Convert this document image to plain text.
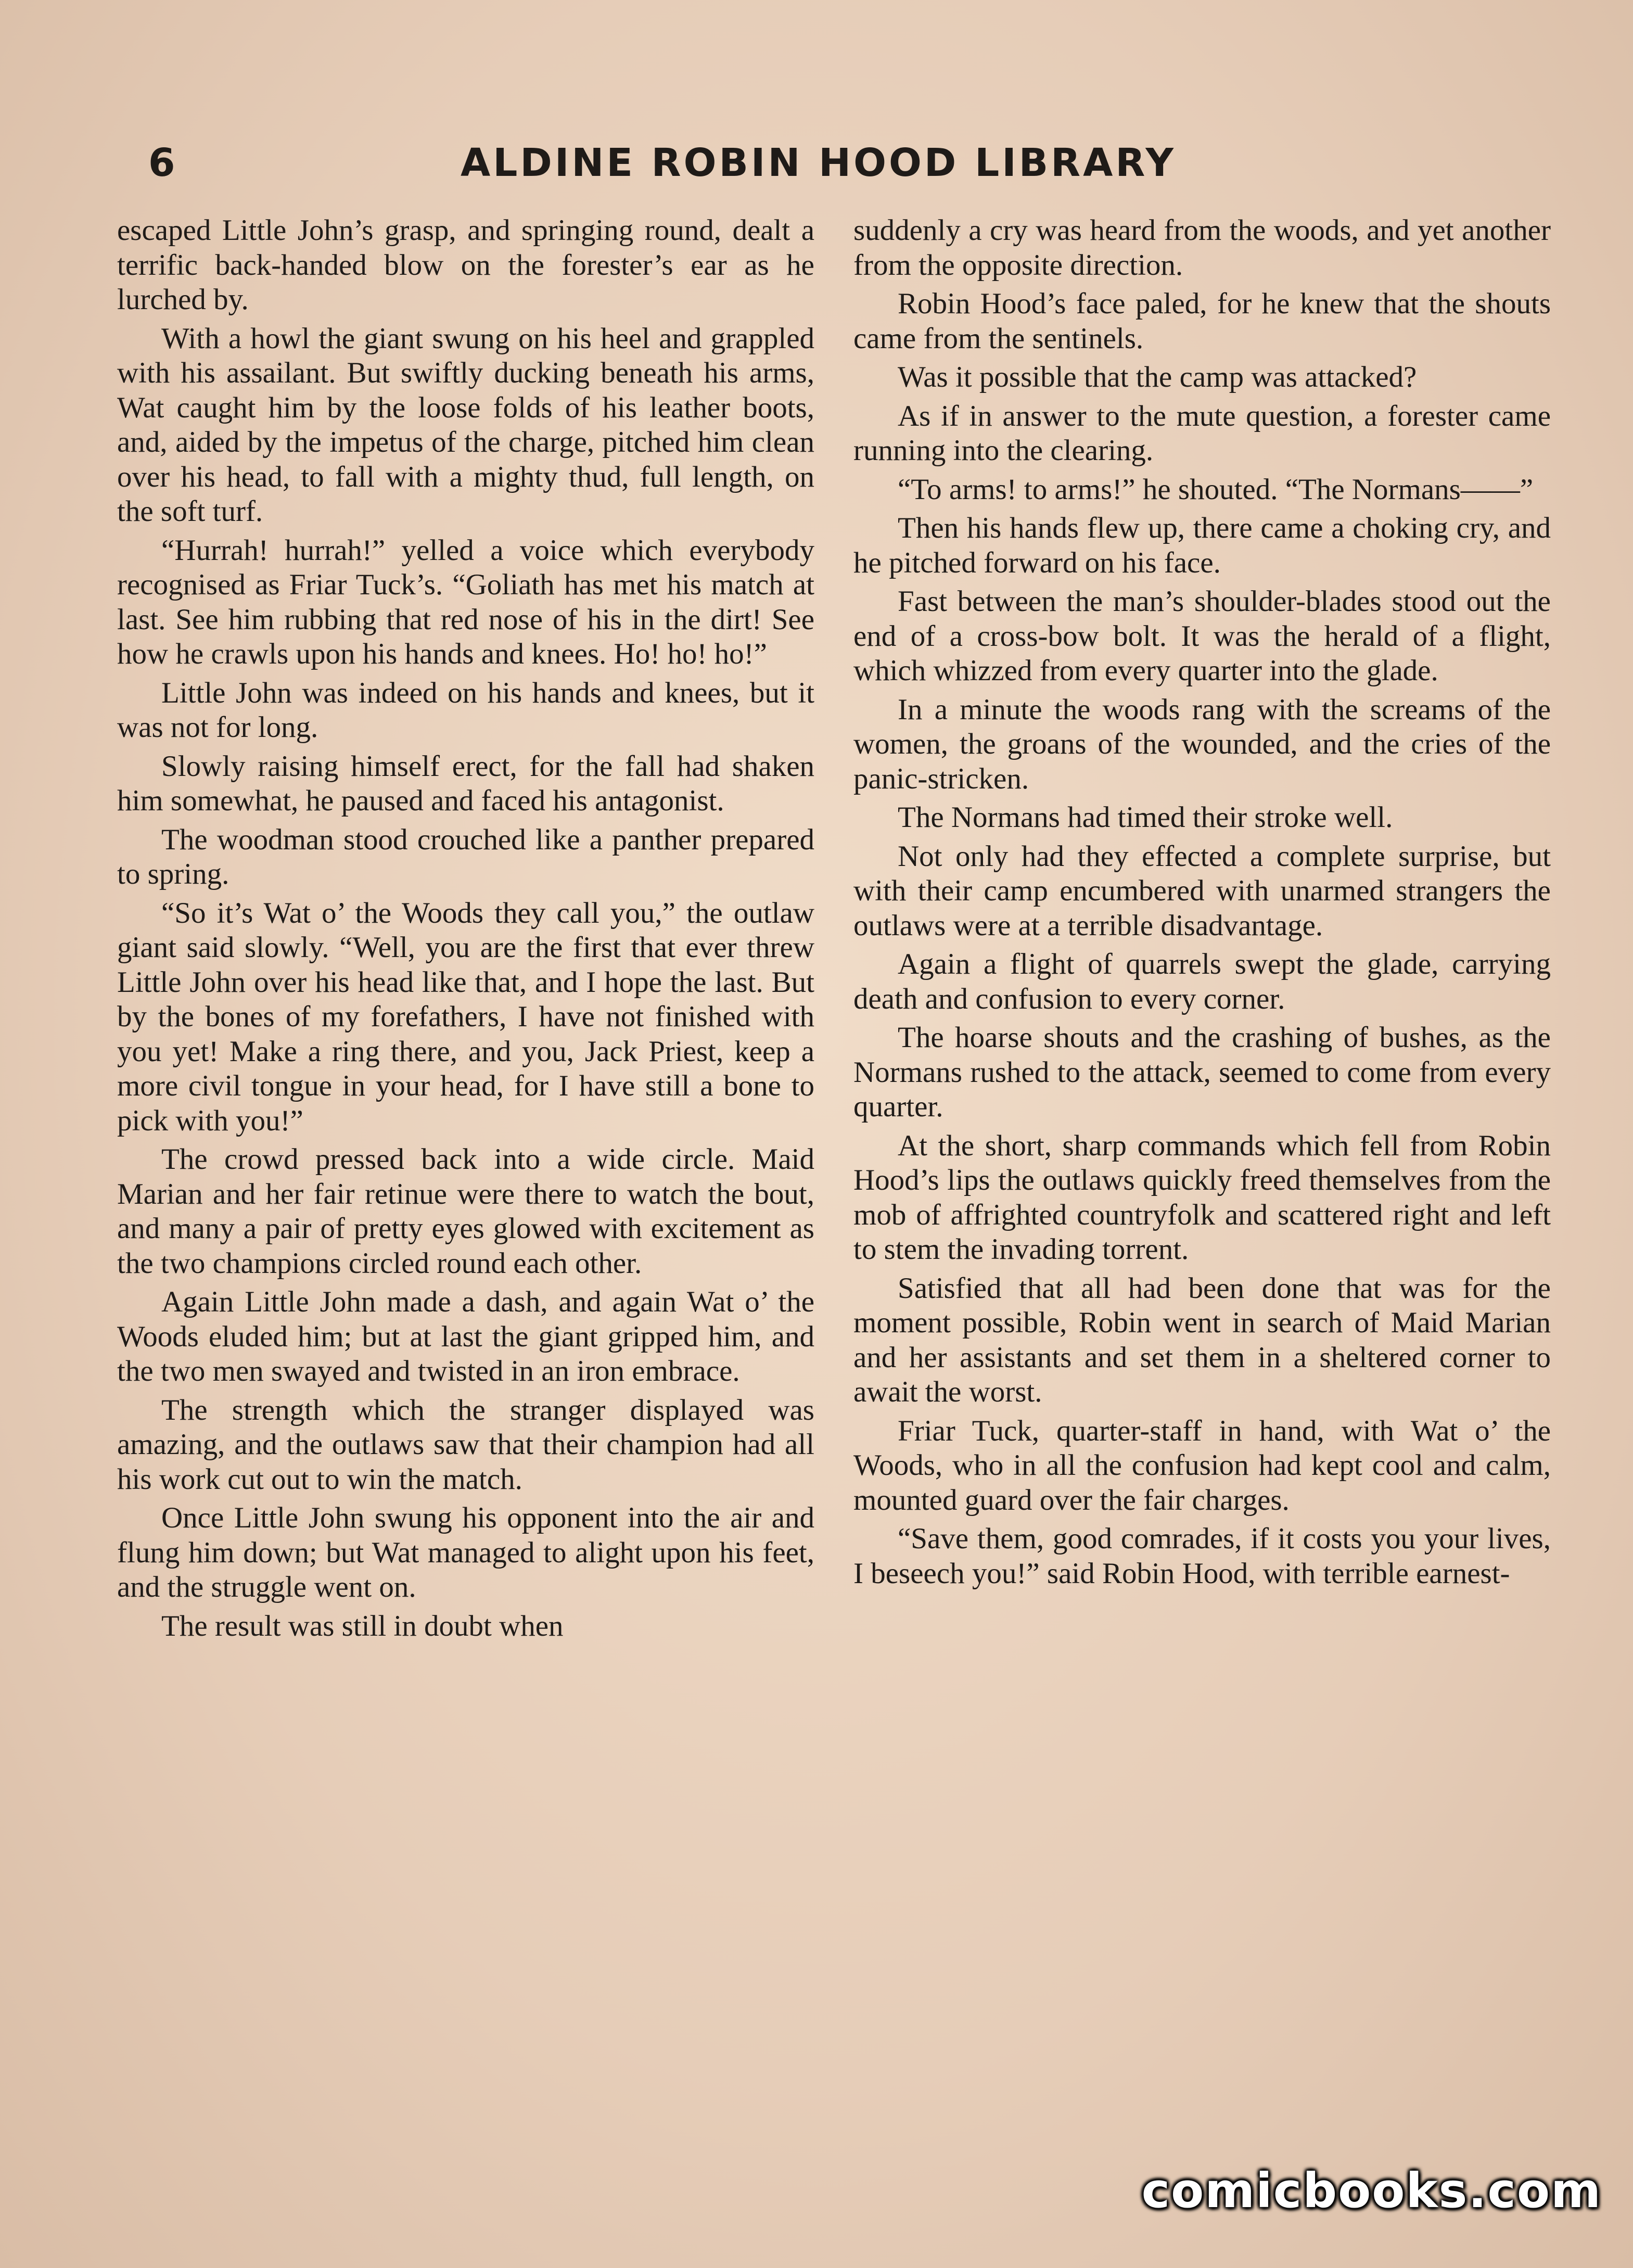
6	ALDINE ROBIN HOOD LIBRARY

escaped Little John’s grasp, and springing round, dealt a terrific back-handed blow on the forester’s ear as he lurched by.

With a howl the giant swung on his heel and grappled with his assailant. But swiftly ducking beneath his arms, Wat caught him by the loose folds of his leather boots, and, aided by the impetus of the charge, pitched him clean over his head, to fall with a mighty thud, full length, on the soft turf.

“Hurrah! hurrah!” yelled a voice which everybody recognised as Friar Tuck’s. “Goliath has met his match at last. See him rubbing that red nose of his in the dirt! See how he crawls upon his hands and knees. Ho! ho! ho!”

Little John was indeed on his hands and knees, but it was not for long.

Slowly raising himself erect, for the fall had shaken him somewhat, he paused and faced his antagonist.

The woodman stood crouched like a panther prepared to spring.

“So it’s Wat o’ the Woods they call you,” the outlaw giant said slowly. “Well, you are the first that ever threw Little John over his head like that, and I hope the last. But by the bones of my forefathers, I have not finished with you yet! Make a ring there, and you, Jack Priest, keep a more civil tongue in your head, for I have still a bone to pick with you!”

The crowd pressed back into a wide circle. Maid Marian and her fair retinue were there to watch the bout, and many a pair of pretty eyes glowed with excitement as the two champions circled round each other.

Again Little John made a dash, and again Wat o’ the Woods eluded him; but at last the giant gripped him, and the two men swayed and twisted in an iron embrace.

The strength which the stranger displayed was amazing, and the outlaws saw that their champion had all his work cut out to win the match.

Once Little John swung his opponent into the air and flung him down; but Wat managed to alight upon his feet, and the struggle went on.

The result was still in doubt when

suddenly a cry was heard from the woods, and yet another from the opposite direction.

Robin Hood’s face paled, for he knew that the shouts came from the sentinels.

Was it possible that the camp was attacked?

As if in answer to the mute question, a forester came running into the clearing.

“To arms! to arms!” he shouted. “The Normans——”

Then his hands flew up, there came a choking cry, and he pitched forward on his face.

Fast between the man’s shoulder-blades stood out the end of a cross-bow bolt. It was the herald of a flight, which whizzed from every quarter into the glade.

In a minute the woods rang with the screams of the women, the groans of the wounded, and the cries of the panic-stricken.

The Normans had timed their stroke well.

Not only had they effected a complete surprise, but with their camp encumbered with unarmed strangers the outlaws were at a terrible disadvantage.

Again a flight of quarrels swept the glade, carrying death and confusion to every corner.

The hoarse shouts and the crashing of bushes, as the Normans rushed to the attack, seemed to come from every quarter.

At the short, sharp commands which fell from Robin Hood’s lips the outlaws quickly freed themselves from the mob of affrighted countryfolk and scattered right and left to stem the invading torrent.

Satisfied that all had been done that was for the moment possible, Robin went in search of Maid Marian and her assistants and set them in a sheltered corner to await the worst.

Friar Tuck, quarter-staff in hand, with Wat o’ the Woods, who in all the confusion had kept cool and calm, mounted guard over the fair charges.

“Save them, good comrades, if it costs you your lives, I beseech you!” said Robin Hood, with terrible earnest-

comicbooks.com
